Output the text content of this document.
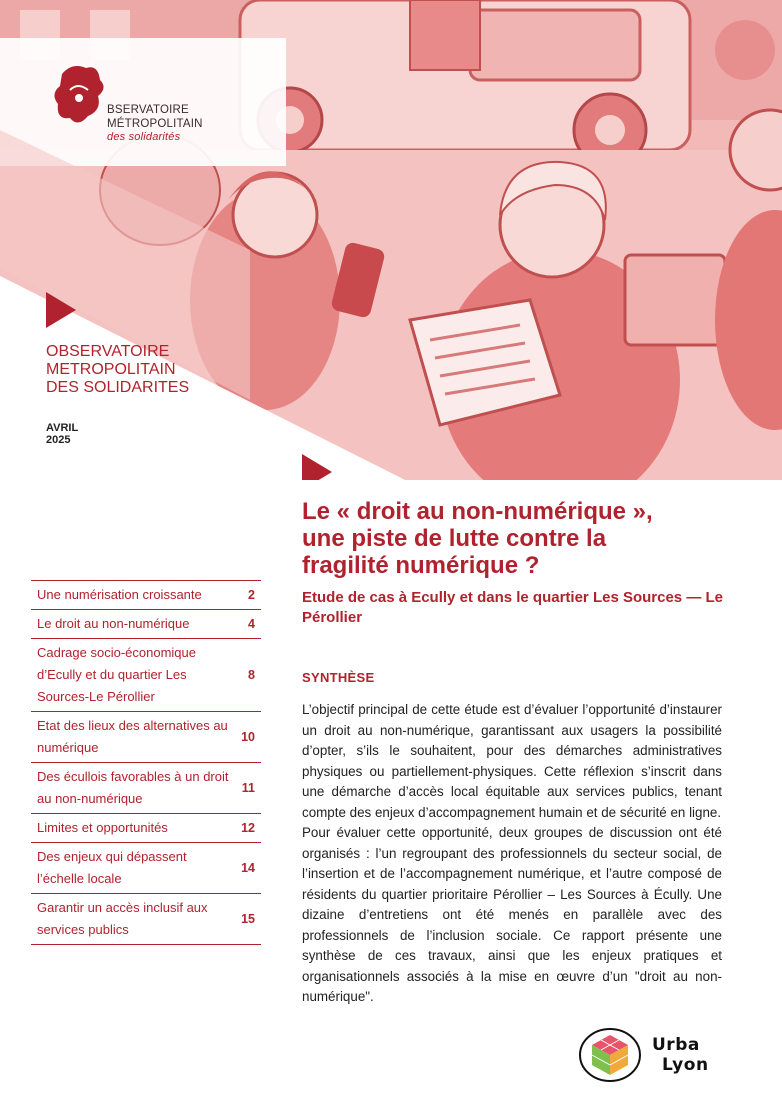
BSERVATOIRE
MÉTROPOLITAIN
des solidarités
OBSERVATOIRE
METROPOLITAIN
DES SOLIDARITES
AVRIL
2025
Le « droit au non-numérique »,
une piste de lutte contre la
fragilité numérique ?
Etude de cas à Ecully et dans le quartier Les Sources — Le Pérollier
Une numérisation croissante	2
Le droit au non-numérique	4
Cadrage socio-économique d’Ecully et du quartier Les Sources-Le Pérollier
8
Etat des lieux des alternatives au numérique
10
Des écullois favorables à un droit au non-numérique
11
Limites et opportunités	12
Des enjeux qui dépassent l’échelle locale
14
Garantir un accès inclusif aux services publics
15
SYNTHÈSE

L’objectif principal de cette étude est d’évaluer l’opportunité d’instaurer un droit au non-numérique, garantissant aux usagers la possibilité d’opter, s’ils le souhaitent, pour des démarches administratives physiques ou partiellement-physiques. Cette réflexion s’inscrit dans une démarche d’accès local équitable aux services publics, tenant compte des enjeux d’accompagnement humain et de sécurité en ligne.

Pour évaluer cette opportunité, deux groupes de discussion ont été organisés : l’un regroupant des professionnels du secteur social, de l’insertion et de l’accompagnement numérique, et l’autre composé de résidents du quartier prioritaire Pérollier – Les Sources à Écully. Une dizaine d’entretiens ont été menés en parallèle avec des professionnels de l’inclusion sociale. Ce rapport présente une synthèse de ces travaux, ainsi que les enjeux pratiques et organisationnels associés à la mise en œuvre d’un "droit au non-numérique".

Urba
Lyon
